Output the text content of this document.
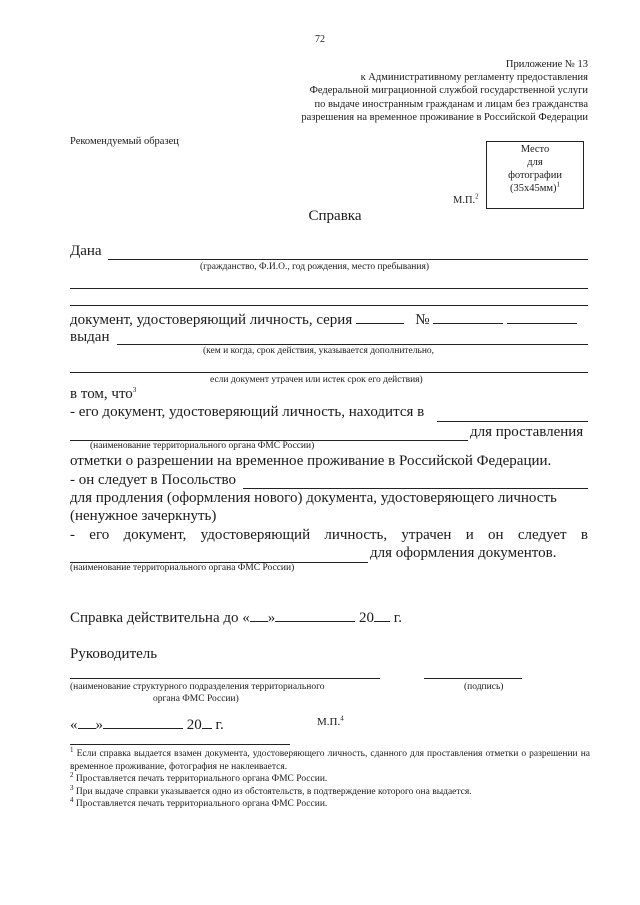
72
Приложение № 13
к Административному регламенту предоставления
Федеральной миграционной службой государственной услуги
по выдаче иностранным гражданам и лицам без гражданства
разрешения на временное проживание в Российской Федерации
Рекомендуемый образец
Место
для
фотографии
$(35х45мм)^1$
М.П.$^2$
Справка
Дана
(гражданство, Ф.И.О., год рождения, место пребывания)
документ, удостоверяющий личность, серия	№
выдан
(кем и когда, срок действия, указывается дополнительно,
если документ утрачен или истек срок его действия)
в том, что$^3$
- его документ, удостоверяющий личность, находится в
для проставления
(наименование территориального органа ФМС России)
отметки о разрешении на временное проживание в Российской Федерации.
- он следует в Посольство
для продления (оформления нового) документа, удостоверяющего личность
(ненужное зачеркнуть)
- его документ, удостоверяющий личность, утрачен и он следует в
для оформления документов.
(наименование территориального органа ФМС России)
Справка действительна до « »	20 г.
Руководитель
(наименование структурного подразделения территориального
органа ФМС России)
(подпись)
« »	20 г.	М.П.$^4$
$^1$ Если справка выдается взамен документа, удостоверяющего личность, сданного для проставления отметки о разрешении на временное проживание, фотография не наклеивается.
$^2$ Проставляется печать территориального органа ФМС России.
$^3$ При выдаче справки указывается одно из обстоятельств, в подтверждение которого она выдается.
$^4$ Проставляется печать территориального органа ФМС России.
